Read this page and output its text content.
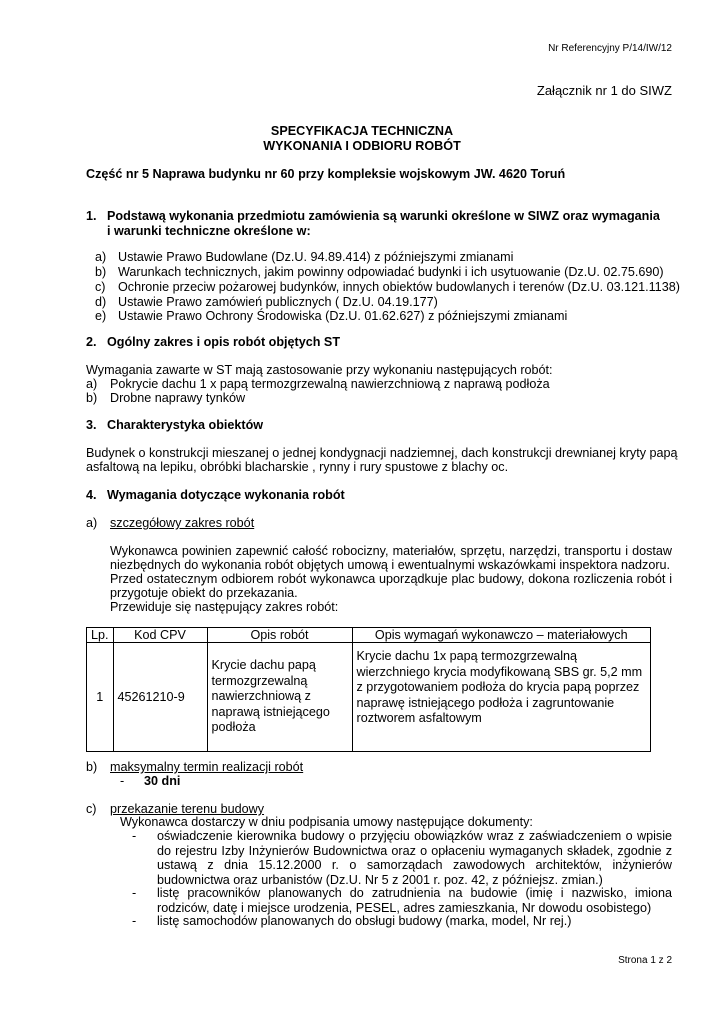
Nr Referencyjny P/14/IW/12
Załącznik nr 1 do SIWZ
SPECYFIKACJA TECHNICZNA
WYKONANIA I ODBIORU ROBÓT
Część nr 5 Naprawa budynku nr 60 przy kompleksie wojskowym JW. 4620 Toruń
1. Podstawą wykonania przedmiotu zamówienia są warunki określone w SIWZ oraz wymagania
i warunki techniczne określone w:
a) Ustawie Prawo Budowlane (Dz.U. 94.89.414) z późniejszymi zmianami
b) Warunkach technicznych, jakim powinny odpowiadać budynki i ich usytuowanie (Dz.U. 02.75.690)
c) Ochronie przeciw pożarowej budynków, innych obiektów budowlanych i terenów (Dz.U. 03.121.1138)
d) Ustawie Prawo zamówień publicznych ( Dz.U. 04.19.177)
e) Ustawie Prawo Ochrony Środowiska (Dz.U. 01.62.627) z późniejszymi zmianami
2. Ogólny zakres i opis robót objętych ST
Wymagania zawarte w ST mają zastosowanie przy wykonaniu następujących robót:
a) Pokrycie dachu 1 x papą termozgrzewalną nawierzchniową z naprawą podłoża
b) Drobne naprawy tynków
3. Charakterystyka obiektów
Budynek o konstrukcji mieszanej o jednej kondygnacji nadziemnej, dach konstrukcji drewnianej kryty papą
asfaltową na lepiku, obróbki blacharskie , rynny i rury spustowe z blachy oc.
4. Wymagania dotyczące wykonania robót
a) szczegółowy zakres robót
Wykonawca powinien zapewnić całość robocizny, materiałów, sprzętu, narzędzi, transportu i dostaw
niezbędnych do wykonania robót objętych umową i ewentualnymi wskazówkami inspektora nadzoru.
Przed ostatecznym odbiorem robót wykonawca uporządkuje plac budowy, dokona rozliczenia robót i
przygotuje obiekt do przekazania.
Przewiduje się następujący zakres robót:
Lp.	Kod CPV	Opis robót	Opis wymagań wykonawczo – materiałowych
1	45261210-9	Krycie dachu papą termozgrzewalną nawierzchniową z naprawą istniejącego podłoża	Krycie dachu 1x papą termozgrzewalną wierzchniego krycia modyfikowaną SBS gr. 5,2 mm z przygotowaniem podłoża do krycia papą poprzez naprawę istniejącego podłoża i zagruntowanie roztworem asfaltowym
b) maksymalny termin realizacji robót
- 30 dni
c) przekazanie terenu budowy
Wykonawca dostarczy w dniu podpisania umowy następujące dokumenty:
- oświadczenie kierownika budowy o przyjęciu obowiązków wraz z zaświadczeniem o wpisie do rejestru Izby Inżynierów Budownictwa oraz o opłaceniu wymaganych składek, zgodnie z ustawą z dnia 15.12.2000 r. o samorządach zawodowych architektów, inżynierów budownictwa oraz urbanistów (Dz.U. Nr 5 z 2001 r. poz. 42, z późniejsz. zmian.)
- listę pracowników planowanych do zatrudnienia na budowie (imię i nazwisko, imiona rodziców, datę i miejsce urodzenia, PESEL, adres zamieszkania, Nr dowodu osobistego)
- listę samochodów planowanych do obsługi budowy (marka, model, Nr rej.)
Strona 1 z 2
